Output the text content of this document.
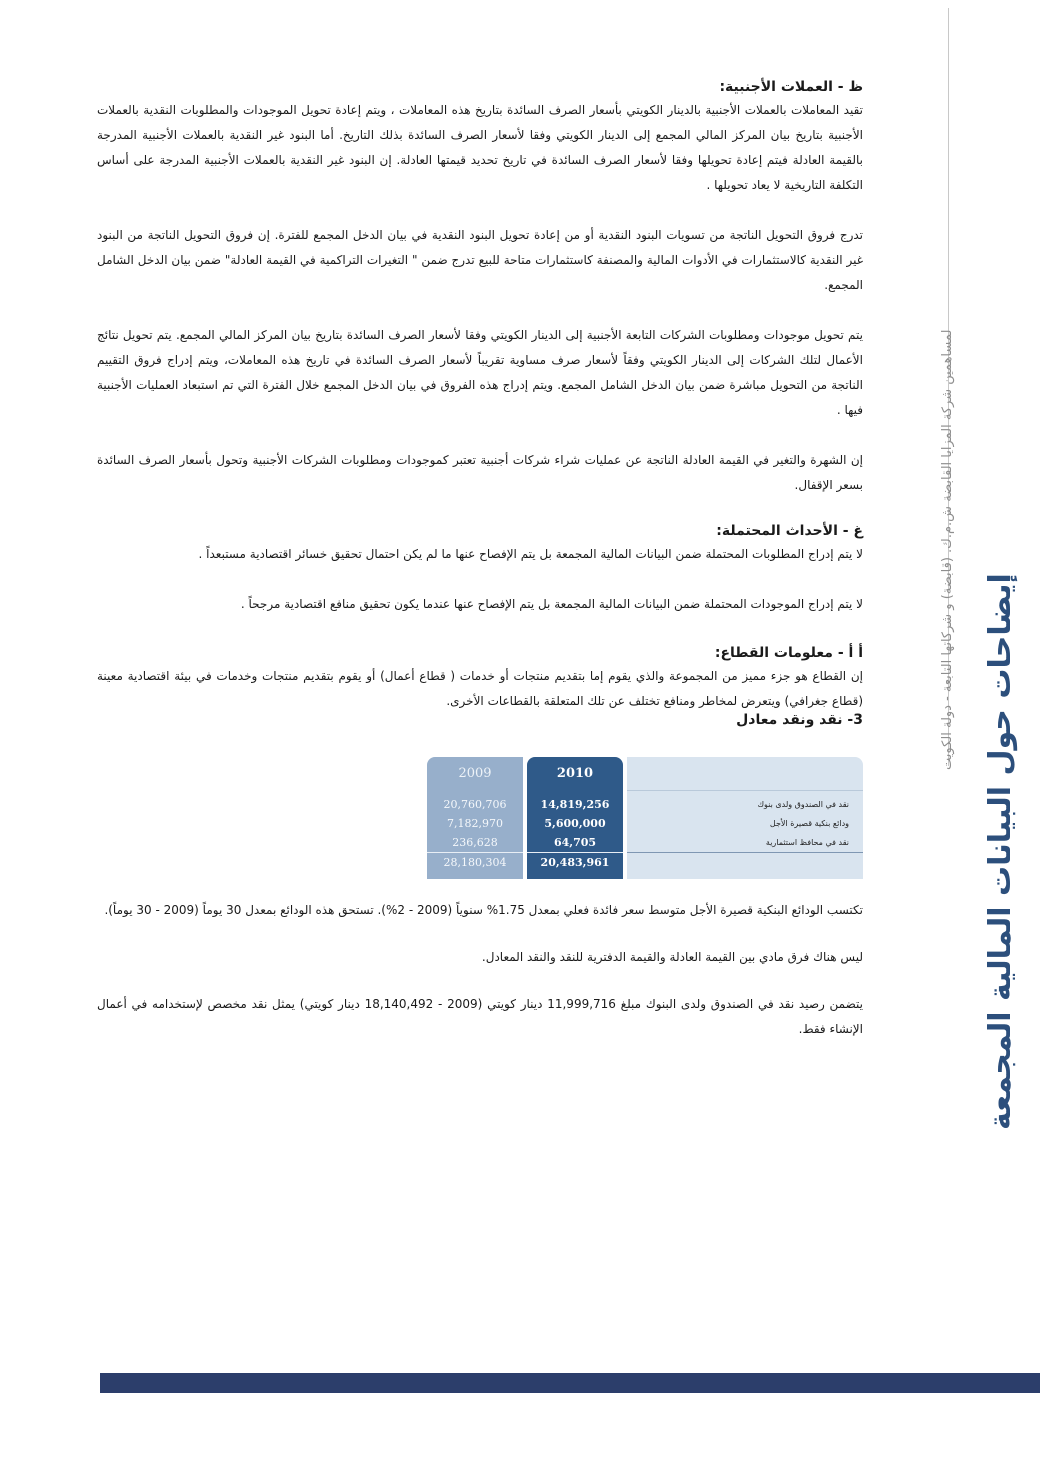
ظ - العملات الأجنبية:

تقيد المعاملات بالعملات الأجنبية بالدينار الكويتي بأسعار الصرف السائدة بتاريخ هذه المعاملات ، ويتم إعادة تحويل الموجودات والمطلوبات النقدية بالعملات الأجنبية بتاريخ بيان المركز المالي المجمع إلى الدينار الكويتي وفقا لأسعار الصرف السائدة بذلك التاريخ. أما البنود غير النقدية بالعملات الأجنبية المدرجة بالقيمة العادلة فيتم إعادة تحويلها وفقا لأسعار الصرف السائدة في تاريخ تحديد قيمتها العادلة. إن البنود غير النقدية بالعملات الأجنبية المدرجة على أساس التكلفة التاريخية لا يعاد تحويلها .

تدرج فروق التحويل الناتجة من تسويات البنود النقدية أو من إعادة تحويل البنود النقدية في بيان الدخل المجمع للفترة. إن فروق التحويل الناتجة من البنود غير النقدية كالاستثمارات في الأدوات المالية والمصنفة كاستثمارات متاحة للبيع تدرج ضمن " التغيرات التراكمية في القيمة العادلة" ضمن بيان الدخل الشامل المجمع.

يتم تحويل موجودات ومطلوبات الشركات التابعة الأجنبية إلى الدينار الكويتي وفقا لأسعار الصرف السائدة بتاريخ بيان المركز المالي المجمع. يتم تحويل نتائج الأعمال لتلك الشركات إلى الدينار الكويتي وفقاً لأسعار صرف مساوية تقريباً لأسعار الصرف السائدة في تاريخ هذه المعاملات، ويتم إدراج فروق التقييم الناتجة من التحويل مباشرة ضمن بيان الدخل الشامل المجمع. ويتم إدراج هذه الفروق في بيان الدخل المجمع خلال الفترة التي تم استبعاد العمليات الأجنبية فيها .

إن الشهرة والتغير في القيمة العادلة الناتجة عن عمليات شراء شركات أجنبية تعتبر كموجودات ومطلوبات الشركات الأجنبية وتحول بأسعار الصرف السائدة بسعر الإقفال.

غ - الأحداث المحتملة:

لا يتم إدراج المطلوبات المحتملة ضمن البيانات المالية المجمعة بل يتم الإفصاح عنها ما لم يكن احتمال تحقيق خسائر اقتصادية مستبعداً .

لا يتم إدراج الموجودات المحتملة ضمن البيانات المالية المجمعة بل يتم الإفصاح عنها عندما يكون تحقيق منافع اقتصادية مرجحاً .

أ أ - معلومات القطاع:

إن القطاع هو جزء مميز من المجموعة والذي يقوم إما بتقديم منتجات أو خدمات ( قطاع أعمال) أو يقوم بتقديم منتجات وخدمات في بيئة اقتصادية معينة (قطاع جغرافي) ويتعرض لمخاطر ومنافع تختلف عن تلك المتعلقة بالقطاعات الأخرى.

3- نقد ونقد معادل

2009
20,760,706
7,182,970
236,628
28,180,304
2010
14,819,256
5,600,000
64,705
20,483,961
نقد في الصندوق ولدى بنوك
ودائع بنكية قصيرة الأجل
نقد في محافظ استثمارية

تكتسب الودائع البنكية قصيرة الأجل متوسط سعر فائدة فعلي بمعدل 1.75% سنوياً (2009 - 2%). تستحق هذه الودائع بمعدل 30 يوماً (2009 - 30 يوماً).

ليس هناك فرق مادي بين القيمة العادلة والقيمة الدفترية للنقد والنقد المعادل.

يتضمن رصيد نقد في الصندوق ولدى البنوك مبلغ 11,999,716 دينار كويتي (2009 - 18,140,492 دينار كويتي) يمثل نقد مخصص لإستخدامه في أعمال الإنشاء فقط.	إيضاحات حول البيانات المالية المجمعة
لمساهمين شركة المزايا القابضة ش.م.ك. (قابضة) و شركاتها التابعة - دولة الكويت
